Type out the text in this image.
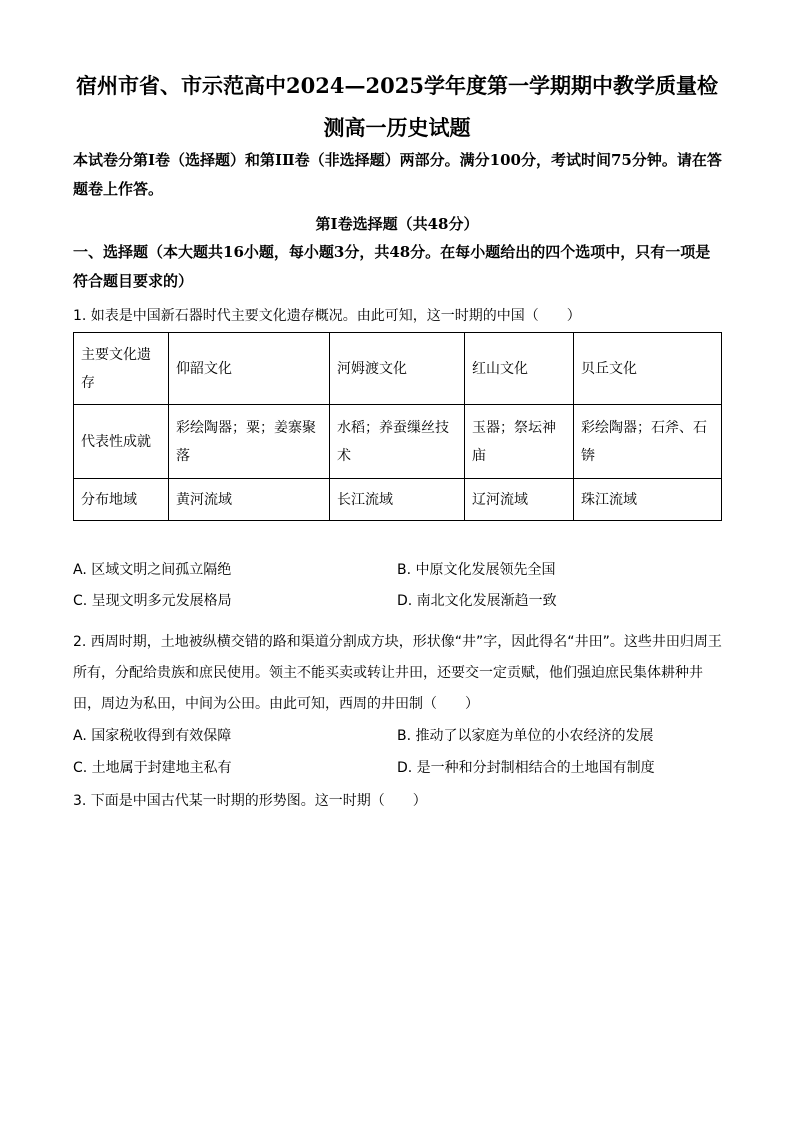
宿州市省、市示范高中2024—2025学年度第一学期期中教学质量检
测高一历史试题
本试卷分第Ⅰ卷（选择题）和第ⅠⅡ卷（非选择题）两部分。满分100分，考试时间75分钟。请在答题卷上作答。
第Ⅰ卷选择题（共48分）
一、选择题（本大题共16小题，每小题3分，共48分。在每小题给出的四个选项中，只有一项是符合题目要求的）
1. 如表是中国新石器时代主要文化遗存概况。由此可知，这一时期的中国（　　）
主要文化遗存	仰韶文化	河姆渡文化	红山文化	贝丘文化
代表性成就	彩绘陶器；粟；姜寨聚落	水稻；养蚕缫丝技术	玉器；祭坛神庙	彩绘陶器；石斧、石锛
分布地域	黄河流域	长江流域	辽河流域	珠江流域
A. 区域文明之间孤立隔绝	B. 中原文化发展领先全国
C. 呈现文明多元发展格局	D. 南北文化发展渐趋一致
2. 西周时期，土地被纵横交错的路和渠道分割成方块，形状像“井”字，因此得名“井田”。这些井田归周王所有，分配给贵族和庶民使用。领主不能买卖或转让井田，还要交一定贡赋，他们强迫庶民集体耕种井田，周边为私田，中间为公田。由此可知，西周的井田制（　　）
A. 国家税收得到有效保障	B. 推动了以家庭为单位的小农经济的发展
C. 土地属于封建地主私有	D. 是一种和分封制相结合的土地国有制度
3. 下面是中国古代某一时期的形势图。这一时期（　　）
